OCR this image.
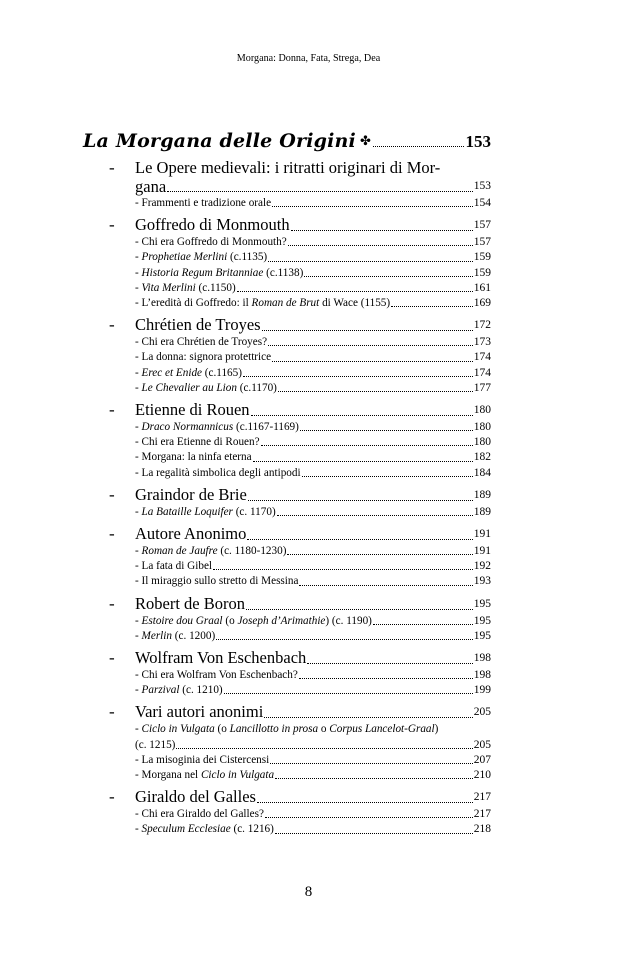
Morgana: Donna, Fata, Strega, Dea
La Morgana delle Origini ✤	153
- Le Opere medievali: i ritratti originari di Mor-
gana	153
- Frammenti e tradizione orale	154
- Goffredo di Monmouth	157
- Chi era Goffredo di Monmouth?	157
- Prophetiae Merlini (c.1135)	159
- Historia Regum Britanniae (c.1138)	159
- Vita Merlini (c.1150)	161
- L’eredità di Goffredo: il Roman de Brut di Wace (1155)	169
- Chrétien de Troyes	172
- Chi era Chrétien de Troyes?	173
- La donna: signora protettrice	174
- Erec et Enide (c.1165)	174
- Le Chevalier au Lion (c.1170)	177
- Etienne di Rouen	180
- Draco Normannicus (c.1167-1169)	180
- Chi era Etienne di Rouen?	180
- Morgana: la ninfa eterna	182
- La regalità simbolica degli antipodi	184
- Graindor de Brie	189
- La Bataille Loquifer (c. 1170)	189
- Autore Anonimo	191
- Roman de Jaufre (c. 1180-1230)	191
- La fata di Gibel	192
- Il miraggio sullo stretto di Messina	193
- Robert de Boron	195
- Estoire dou Graal (o Joseph d’Arimathie) (c. 1190)	195
- Merlin (c. 1200)	195
- Wolfram Von Eschenbach	198
- Chi era Wolfram Von Eschenbach?	198
- Parzival (c. 1210)	199
- Vari autori anonimi	205
- Ciclo in Vulgata (o Lancillotto in prosa o Corpus Lancelot-Graal)
(c. 1215)	205
- La misoginia dei Cistercensi	207
- Morgana nel Ciclo in Vulgata	210
- Giraldo del Galles	217
- Chi era Giraldo del Galles?	217
- Speculum Ecclesiae (c. 1216)	218
8
